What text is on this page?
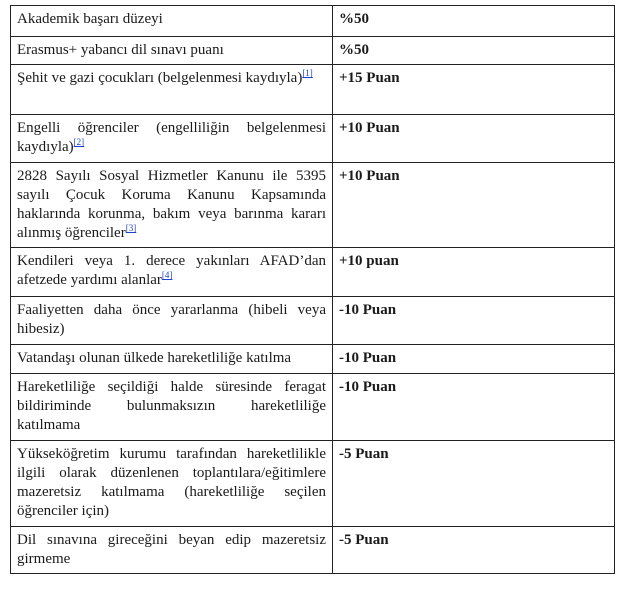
Akademik başarı düzeyi	%50
Erasmus+ yabancı dil sınavı puanı	%50
Şehit ve gazi çocukları (belgelenmesi kaydıyla)[1]	+15 Puan
Engelli öğrenciler (engelliliğin belgelenmesi kaydıyla)[2]	+10 Puan
2828 Sayılı Sosyal Hizmetler Kanunu ile 5395 sayılı Çocuk Koruma Kanunu Kapsamında haklarında korunma, bakım veya barınma kararı alınmış öğrenciler[3]	+10 Puan
Kendileri veya 1. derece yakınları AFAD’dan afetzede yardımı alanlar[4]	+10 puan
Faaliyetten daha önce yararlanma (hibeli veya hibesiz)	-10 Puan
Vatandaşı olunan ülkede hareketliliğe katılma	-10 Puan
Hareketliliğe seçildiği halde süresinde feragat bildiriminde bulunmaksızın hareketliliğe katılmama	-10 Puan
Yükseköğretim kurumu tarafından hareketlilikle ilgili olarak düzenlenen toplantılara/eğitimlere mazeretsiz katılmama (hareketliliğe seçilen öğrenciler için)	-5 Puan
Dil sınavına gireceğini beyan edip mazeretsiz girmeme	-5 Puan
